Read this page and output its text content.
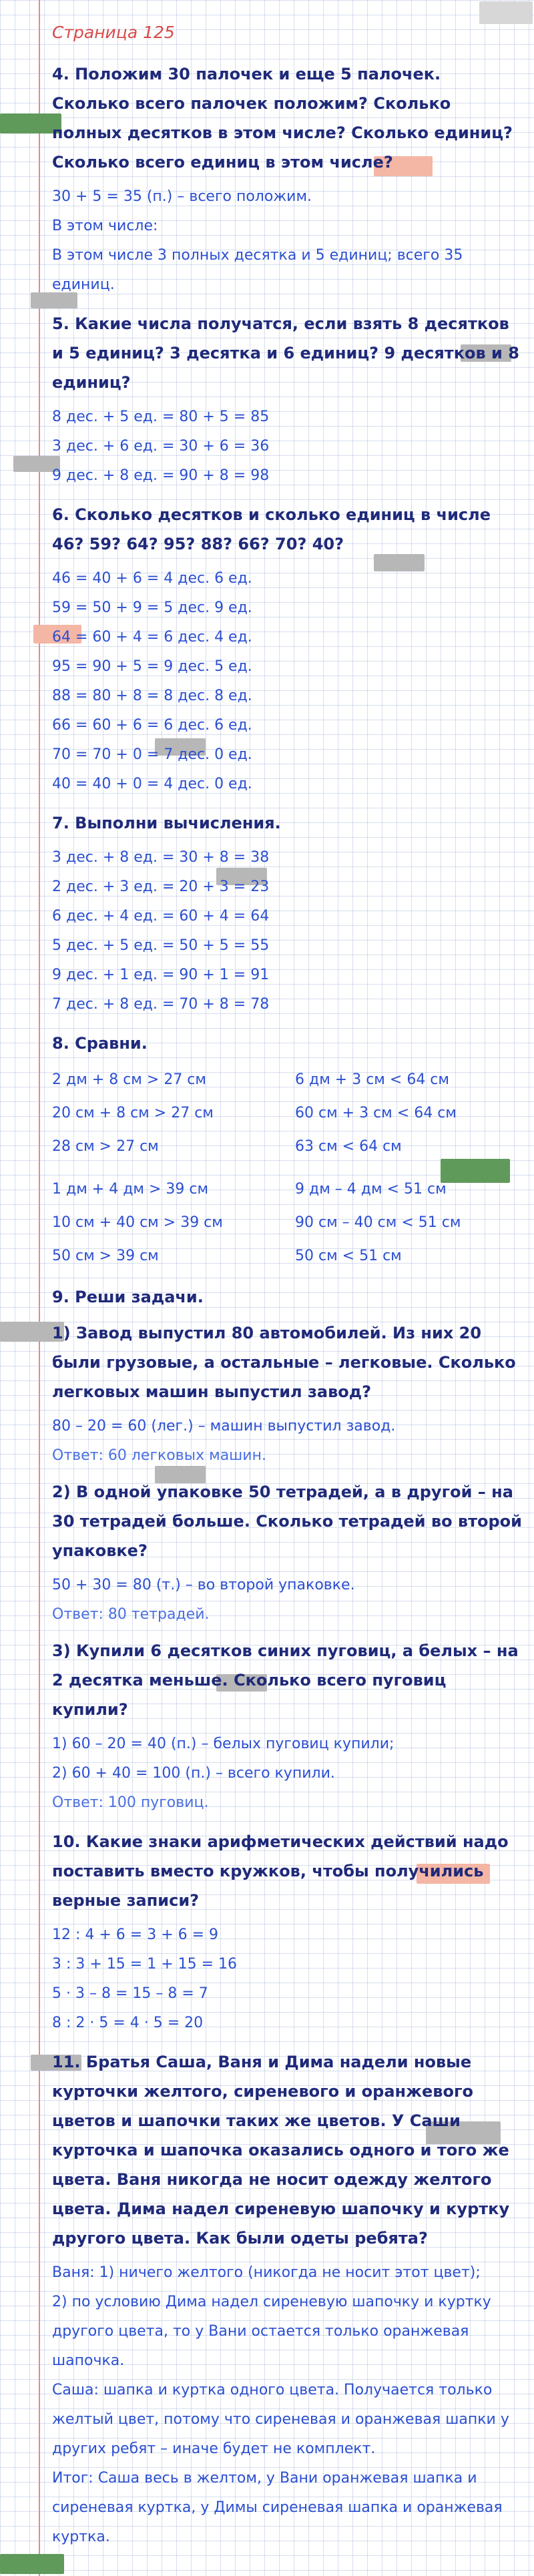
Страница 125
4. Положим 30 палочек и еще 5 палочек. Сколько всего палочек положим? Сколько полных десятков в этом числе? Сколько единиц? Сколько всего единиц в этом числе?
30 + 5 = 35 (п.) – всего положим.
В этом числе:
В этом числе 3 полных десятка и 5 единиц; всего 35 единиц.
5. Какие числа получатся, если взять 8 десятков и 5 единиц? 3 десятка и 6 единиц? 9 десятков и 8 единиц?
8 дес. + 5 ед. = 80 + 5 = 85
3 дес. + 6 ед. = 30 + 6 = 36
9 дес. + 8 ед. = 90 + 8 = 98
6. Сколько десятков и сколько единиц в числе 46? 59? 64? 95? 88? 66? 70? 40?
46 = 40 + 6 = 4 дес. 6 ед.
59 = 50 + 9 = 5 дес. 9 ед.
64 = 60 + 4 = 6 дес. 4 ед.
95 = 90 + 5 = 9 дес. 5 ед.
88 = 80 + 8 = 8 дес. 8 ед.
66 = 60 + 6 = 6 дес. 6 ед.
70 = 70 + 0 = 7 дес. 0 ед.
40 = 40 + 0 = 4 дес. 0 ед.
7. Выполни вычисления.
3 дес. + 8 ед. = 30 + 8 = 38
2 дес. + 3 ед. = 20 + 3 = 23
6 дес. + 4 ед. = 60 + 4 = 64
5 дес. + 5 ед. = 50 + 5 = 55
9 дес. + 1 ед. = 90 + 1 = 91
7 дес. + 8 ед. = 70 + 8 = 78
8. Сравни.
2 дм + 8 см > 27 см	6 дм + 3 см < 64 см
20 см + 8 см > 27 см	60 см + 3 см < 64 см
28 см > 27 см	63 см < 64 см
1 дм + 4 дм > 39 см	9 дм – 4 дм < 51 см
10 см + 40 см > 39 см	90 см – 40 см < 51 см
50 см > 39 см	50 см < 51 см
9. Реши задачи.
1) Завод выпустил 80 автомобилей. Из них 20 были грузовые, а остальные – легковые. Сколько легковых машин выпустил завод?
80 – 20 = 60 (лег.) – машин выпустил завод.
Ответ: 60 легковых машин.
2) В одной упаковке 50 тетрадей, а в другой – на 30 тетрадей больше. Сколько тетрадей во второй упаковке?
50 + 30 = 80 (т.) – во второй упаковке.
Ответ: 80 тетрадей.
3) Купили 6 десятков синих пуговиц, а белых – на 2 десятка меньше. Сколько всего пуговиц купили?
1) 60 – 20 = 40 (п.) – белых пуговиц купили;
2) 60 + 40 = 100 (п.) – всего купили.
Ответ: 100 пуговиц.
10. Какие знаки арифметических действий надо поставить вместо кружков, чтобы получились верные записи?
12 : 4 + 6 = 3 + 6 = 9
3 : 3 + 15 = 1 + 15 = 16
5 · 3 – 8 = 15 – 8 = 7
8 : 2 · 5 = 4 · 5 = 20
11. Братья Саша, Ваня и Дима надели новые курточки желтого, сиреневого и оранжевого цветов и шапочки таких же цветов. У Саши курточка и шапочка оказались одного и того же цвета. Ваня никогда не носит одежду желтого цвета. Дима надел сиреневую шапочку и куртку другого цвета. Как были одеты ребята?
Ваня: 1) ничего желтого (никогда не носит этот цвет);
2) по условию Дима надел сиреневую шапочку и куртку другого цвета, то у Вани остается только оранжевая шапочка.
Саша: шапка и куртка одного цвета. Получается только желтый цвет, потому что сиреневая и оранжевая шапки у других ребят – иначе будет не комплект.
Итог: Саша весь в желтом, у Вани оранжевая шапка и сиреневая куртка, у Димы сиреневая шапка и оранжевая куртка.
